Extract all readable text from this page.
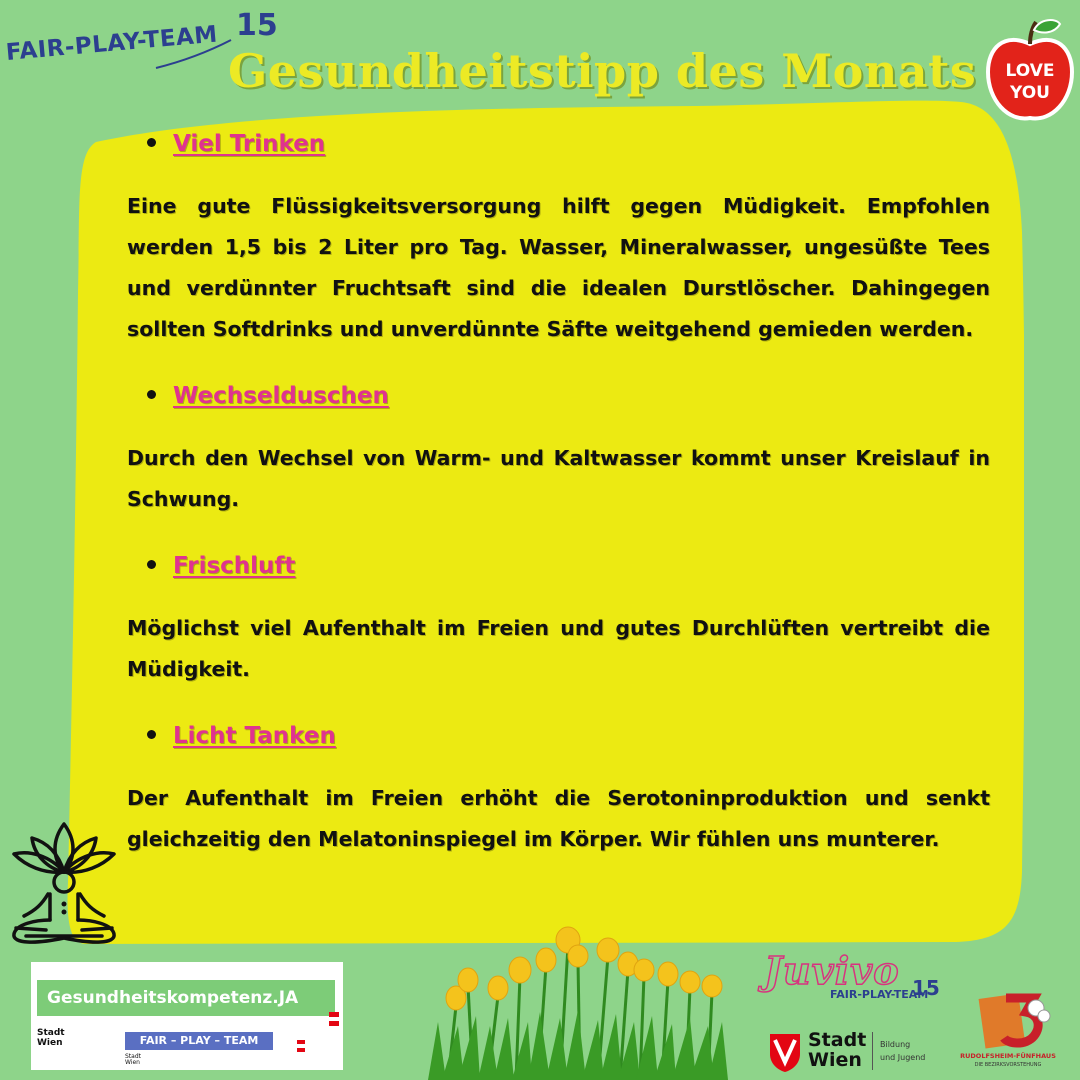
FAIR-PLAY-TEAM 15
Gesundheitstipp des Monats LOVE
YOU
Viel Trinken
Eine gute Flüssigkeitsversorgung hilft gegen Müdigkeit. Empfohlen werden 1,5 bis 2 Liter pro Tag. Wasser, Mineralwasser, ungesüßte Tees und verdünnter Fruchtsaft sind die idealen Durstlöscher. Dahingegen sollten Softdrinks und unverdünnte Säfte weitgehend gemieden werden.
Wechselduschen
Durch den Wechsel von Warm- und Kaltwasser kommt unser Kreislauf in Schwung.
Frischluft
Möglichst viel Aufenthalt im Freien und gutes Durchlüften vertreibt die Müdigkeit.
Licht Tanken
Der Aufenthalt im Freien erhöht die Serotoninproduktion und senkt gleichzeitig den Melatoninspiegel im Körper. Wir fühlen uns munterer.
Gesundheitskompetenz.JA
Stadt
Wien	FAIR – PLAY – TEAM
Stadt
Wien
Juvivo
FAIR-PLAY-TEAM
15
Stadt
Wien
Bildung
und Jugend	RUDOLFSHEIM-FÜNFHAUS
DIE BEZIRKSVORSTEHUNG
